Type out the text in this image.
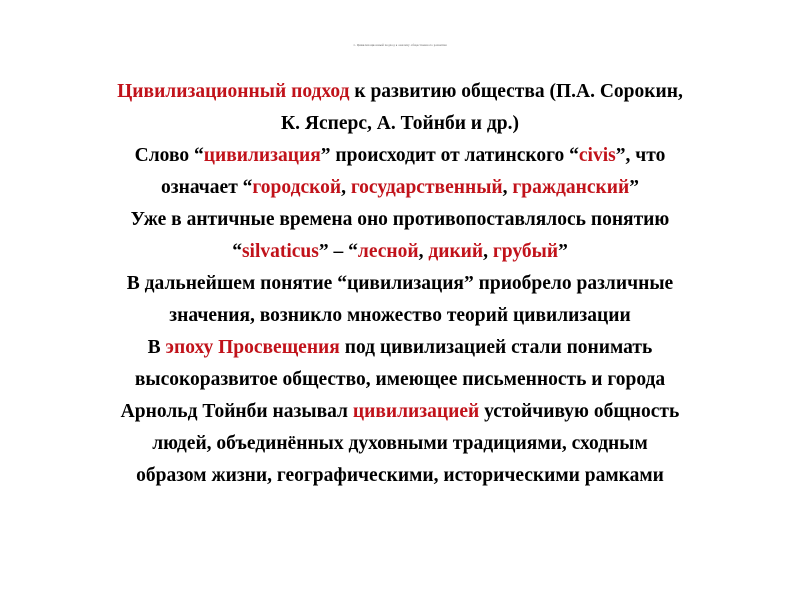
1. Цивилизационный подход к анализу общественного развития
Цивилизационный подход к развитию общества (П.А. Сорокин,
К. Ясперс, А. Тойнби и др.)
Слово “цивилизация” происходит от латинского “civis”, что
означает “городской, государственный, гражданский”
Уже в античные времена оно противопоставлялось понятию
“silvaticus” – “лесной, дикий, грубый”
В дальнейшем понятие “цивилизация” приобрело различные
значения, возникло множество теорий цивилизации
В эпоху Просвещения под цивилизацией стали понимать
высокоразвитое общество, имеющее письменность и города
Арнольд Тойнби называл цивилизацией устойчивую общность
людей, объединённых духовными традициями, сходным
образом жизни, географическими, историческими рамками
